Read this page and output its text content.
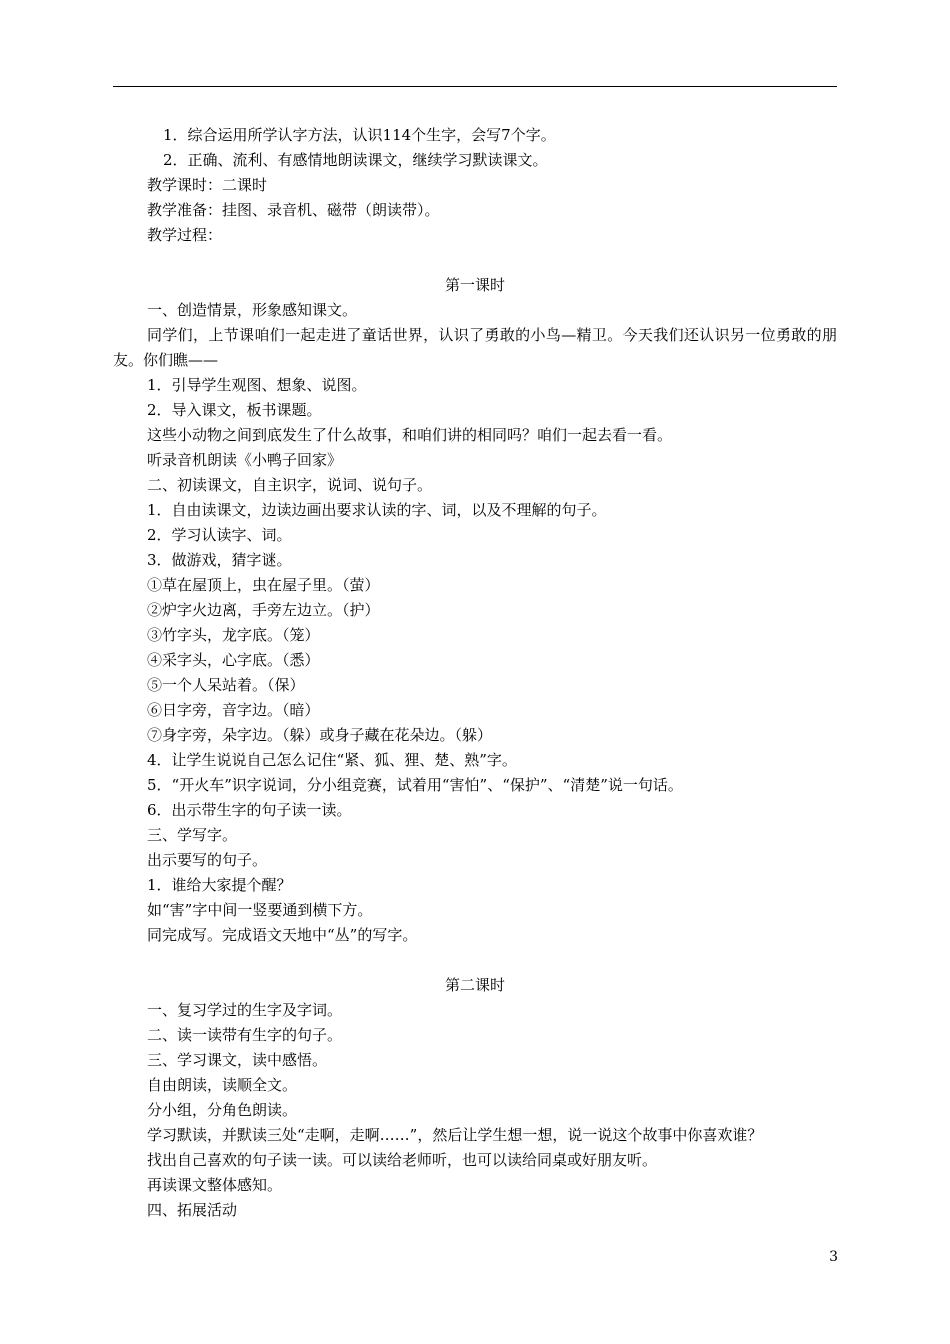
1．综合运用所学认字方法，认识114个生字，会写7个字。

2．正确、流利、有感情地朗读课文，继续学习默读课文。

教学课时：二课时

教学准备：挂图、录音机、磁带（朗读带）。

教学过程：

第一课时

一、创造情景，形象感知课文。

同学们，上节课咱们一起走进了童话世界，认识了勇敢的小鸟—精卫。今天我们还认识另一位勇敢的朋友。你们瞧——

1．引导学生观图、想象、说图。

2．导入课文，板书课题。

这些小动物之间到底发生了什么故事，和咱们讲的相同吗？咱们一起去看一看。

听录音机朗读《小鸭子回家》

二、初读课文，自主识字，说词、说句子。

1．自由读课文，边读边画出要求认读的字、词，以及不理解的句子。

2．学习认读字、词。

3．做游戏，猜字谜。

①草在屋顶上，虫在屋子里。（萤）

②炉字火边离，手旁左边立。（护）

③竹字头，龙字底。（笼）

④采字头，心字底。（悉）

⑤一个人呆站着。（保）

⑥日字旁，音字边。（暗）

⑦身字旁，朵字边。（躲）或身子藏在花朵边。（躲）

4．让学生说说自己怎么记住“紧、狐、狸、楚、熟”字。

5．“开火车”识字说词，分小组竞赛，试着用“害怕”、“保护”、“清楚”说一句话。

6．出示带生字的句子读一读。

三、学写字。

出示要写的句子。

1．谁给大家提个醒？

如“害”字中间一竖要通到横下方。

同完成写。完成语文天地中“丛”的写字。

第二课时

一、复习学过的生字及字词。

二、读一读带有生字的句子。

三、学习课文，读中感悟。

自由朗读，读顺全文。

分小组，分角色朗读。

学习默读，并默读三处“走啊，走啊……”，然后让学生想一想，说一说这个故事中你喜欢谁？

找出自己喜欢的句子读一读。可以读给老师听，也可以读给同桌或好朋友听。

再读课文整体感知。

四、拓展活动

3
